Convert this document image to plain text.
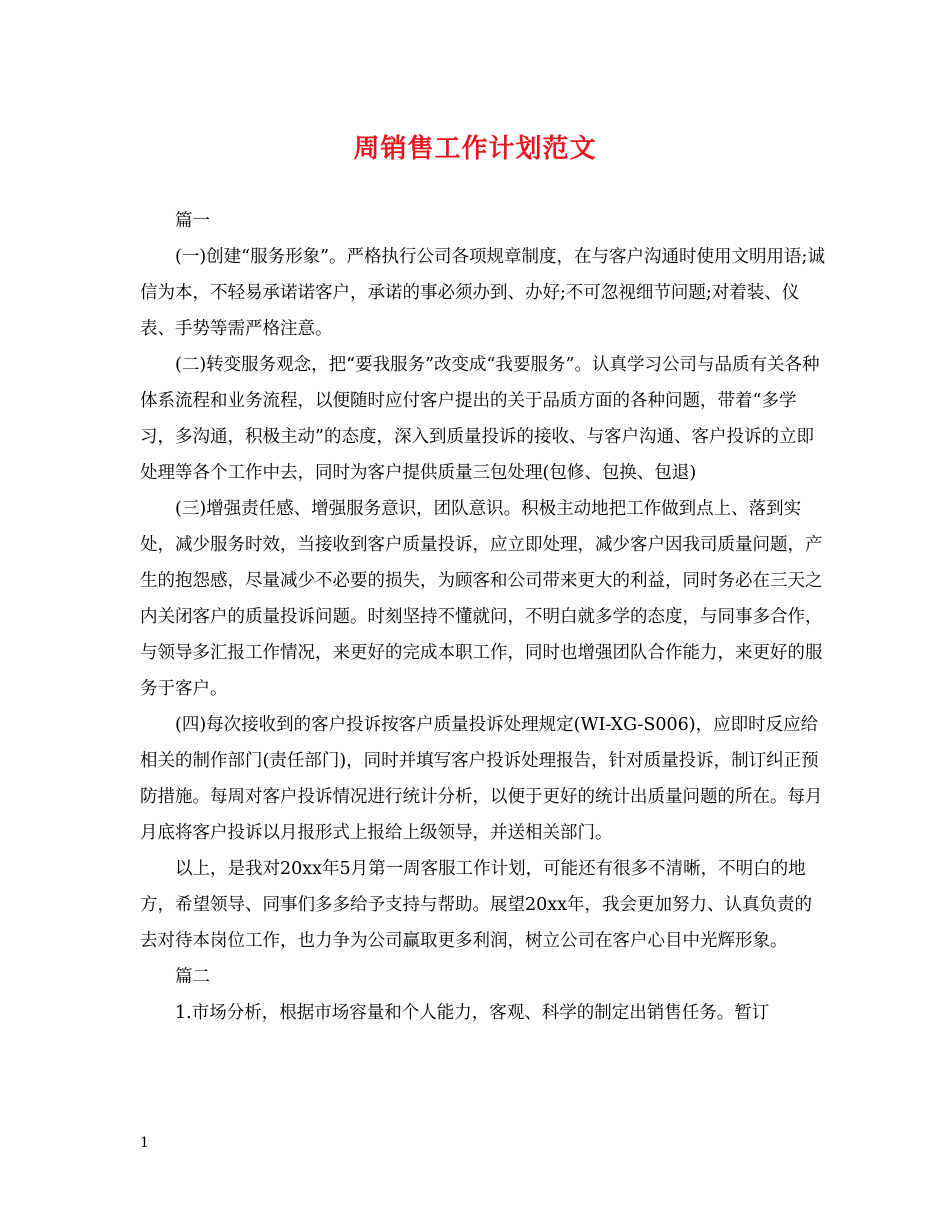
周销售工作计划范文

篇一

(一)创建“服务形象”。严格执行公司各项规章制度，在与客户沟通时使用文明用语;诚信为本，不轻易承诺诺客户，承诺的事必须办到、办好;不可忽视细节问题;对着装、仪表、手势等需严格注意。

(二)转变服务观念，把“要我服务”改变成“我要服务”。认真学习公司与品质有关各种体系流程和业务流程，以便随时应付客户提出的关于品质方面的各种问题，带着“多学习，多沟通，积极主动”的态度，深入到质量投诉的接收、与客户沟通、客户投诉的立即处理等各个工作中去，同时为客户提供质量三包处理(包修、包换、包退)

(三)增强责任感、增强服务意识，团队意识。积极主动地把工作做到点上、落到实处，减少服务时效，当接收到客户质量投诉，应立即处理，减少客户因我司质量问题，产生的抱怨感，尽量减少不必要的损失，为顾客和公司带来更大的利益，同时务必在三天之内关闭客户的质量投诉问题。时刻坚持不懂就问，不明白就多学的态度，与同事多合作，与领导多汇报工作情况，来更好的完成本职工作，同时也增强团队合作能力，来更好的服务于客户。

(四)每次接收到的客户投诉按客户质量投诉处理规定(WI-XG-S006)，应即时反应给相关的制作部门(责任部门)，同时并填写客户投诉处理报告，针对质量投诉，制订纠正预防措施。每周对客户投诉情况进行统计分析，以便于更好的统计出质量问题的所在。每月月底将客户投诉以月报形式上报给上级领导，并送相关部门。

以上，是我对20xx年5月第一周客服工作计划，可能还有很多不清晰，不明白的地方，希望领导、同事们多多给予支持与帮助。展望20xx年，我会更加努力、认真负责的去对待本岗位工作，也力争为公司赢取更多利润，树立公司在客户心目中光辉形象。

篇二

1.市场分析，根据市场容量和个人能力，客观、科学的制定出销售任务。暂订

1
